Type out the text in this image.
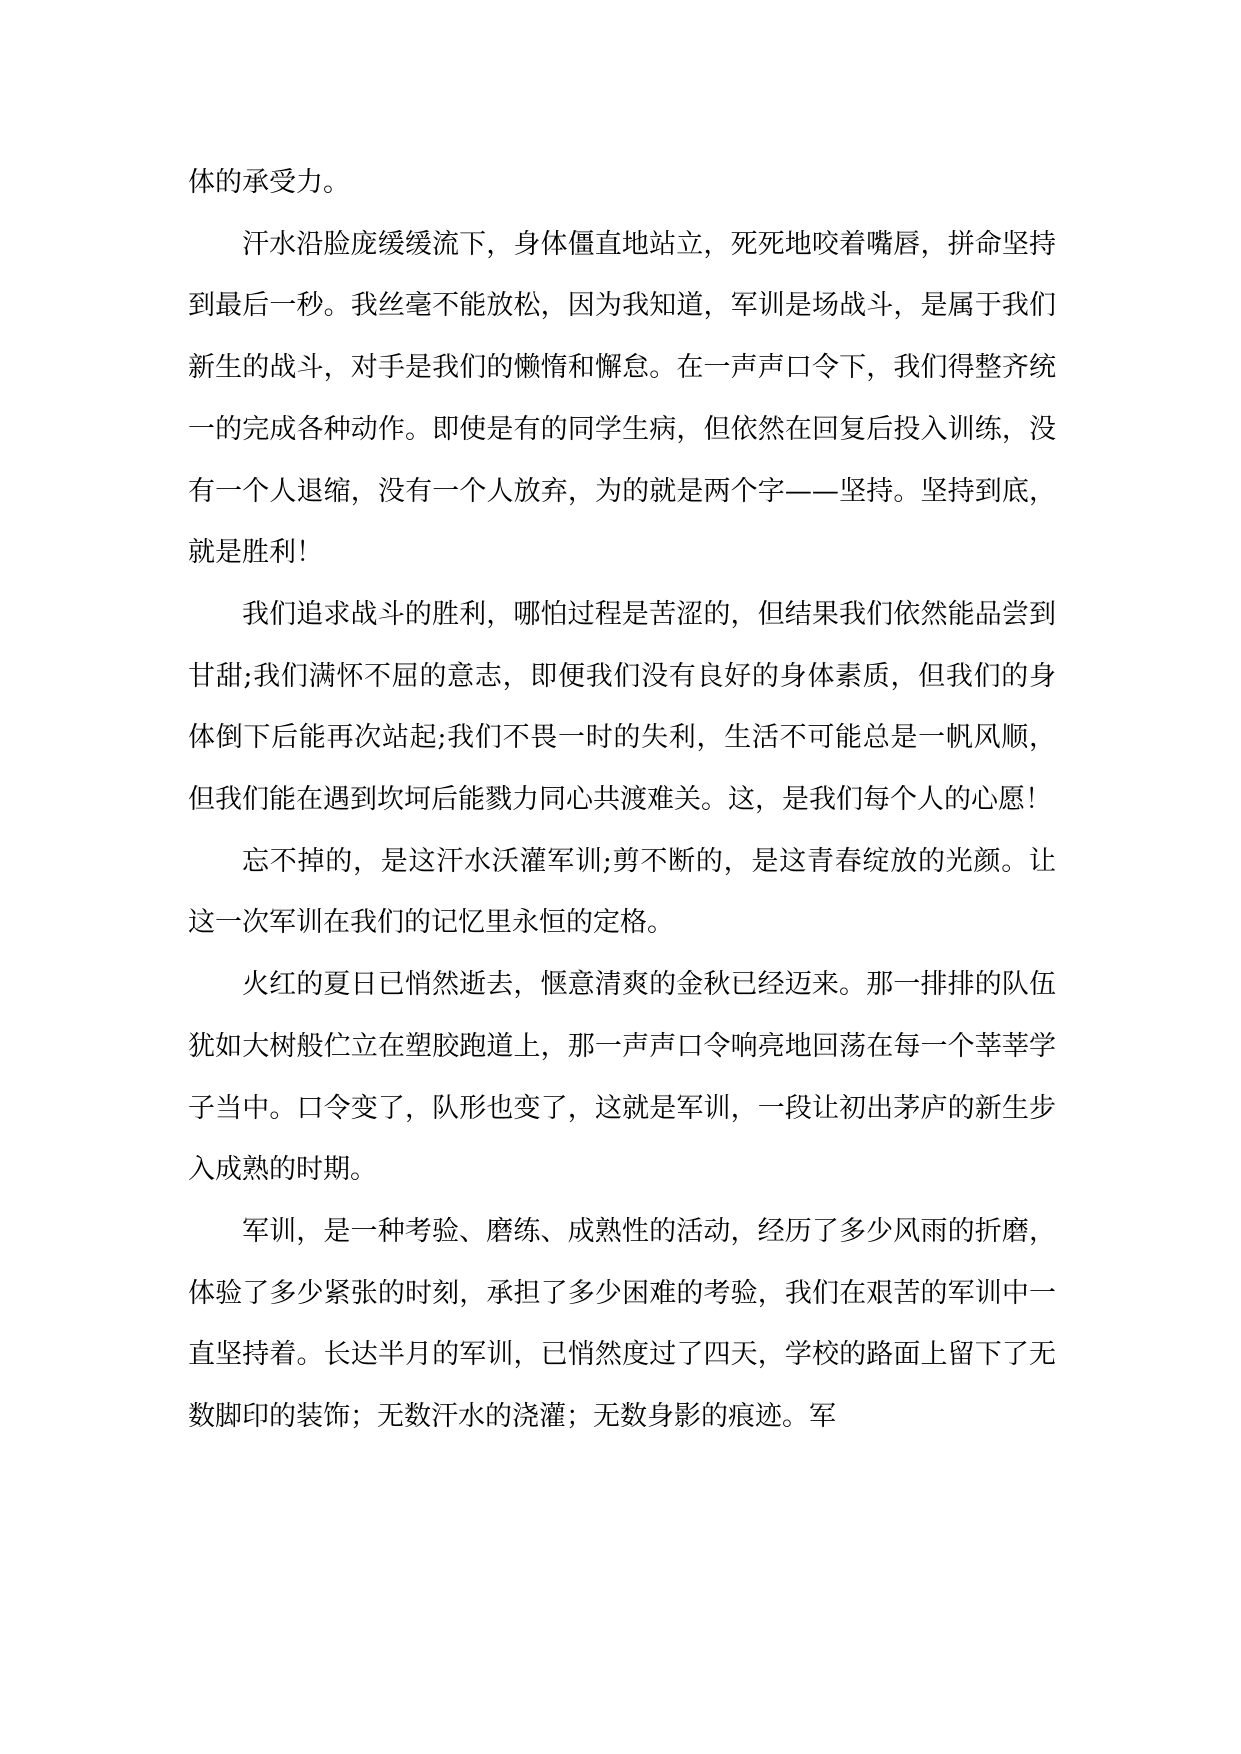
体的承受力。

汗水沿脸庞缓缓流下，身体僵直地站立，死死地咬着嘴唇，拼命坚持到最后一秒。我丝毫不能放松，因为我知道，军训是场战斗，是属于我们新生的战斗，对手是我们的懒惰和懈怠。在一声声口令下，我们得整齐统一的完成各种动作。即使是有的同学生病，但依然在回复后投入训练，没有一个人退缩，没有一个人放弃，为的就是两个字——坚持。坚持到底，就是胜利！

我们追求战斗的胜利，哪怕过程是苦涩的，但结果我们依然能品尝到甘甜;我们满怀不屈的意志，即便我们没有良好的身体素质，但我们的身体倒下后能再次站起;我们不畏一时的失利，生活不可能总是一帆风顺，但我们能在遇到坎坷后能戮力同心共渡难关。这，是我们每个人的心愿！

忘不掉的，是这汗水沃灌军训;剪不断的，是这青春绽放的光颜。让这一次军训在我们的记忆里永恒的定格。

火红的夏日已悄然逝去，惬意清爽的金秋已经迈来。那一排排的队伍犹如大树般伫立在塑胶跑道上，那一声声口令响亮地回荡在每一个莘莘学子当中。口令变了，队形也变了，这就是军训，一段让初出茅庐的新生步入成熟的时期。

军训，是一种考验、磨练、成熟性的活动，经历了多少风雨的折磨，体验了多少紧张的时刻，承担了多少困难的考验，我们在艰苦的军训中一直坚持着。长达半月的军训，已悄然度过了四天，学校的路面上留下了无数脚印的装饰；无数汗水的浇灌；无数身影的痕迹。军
